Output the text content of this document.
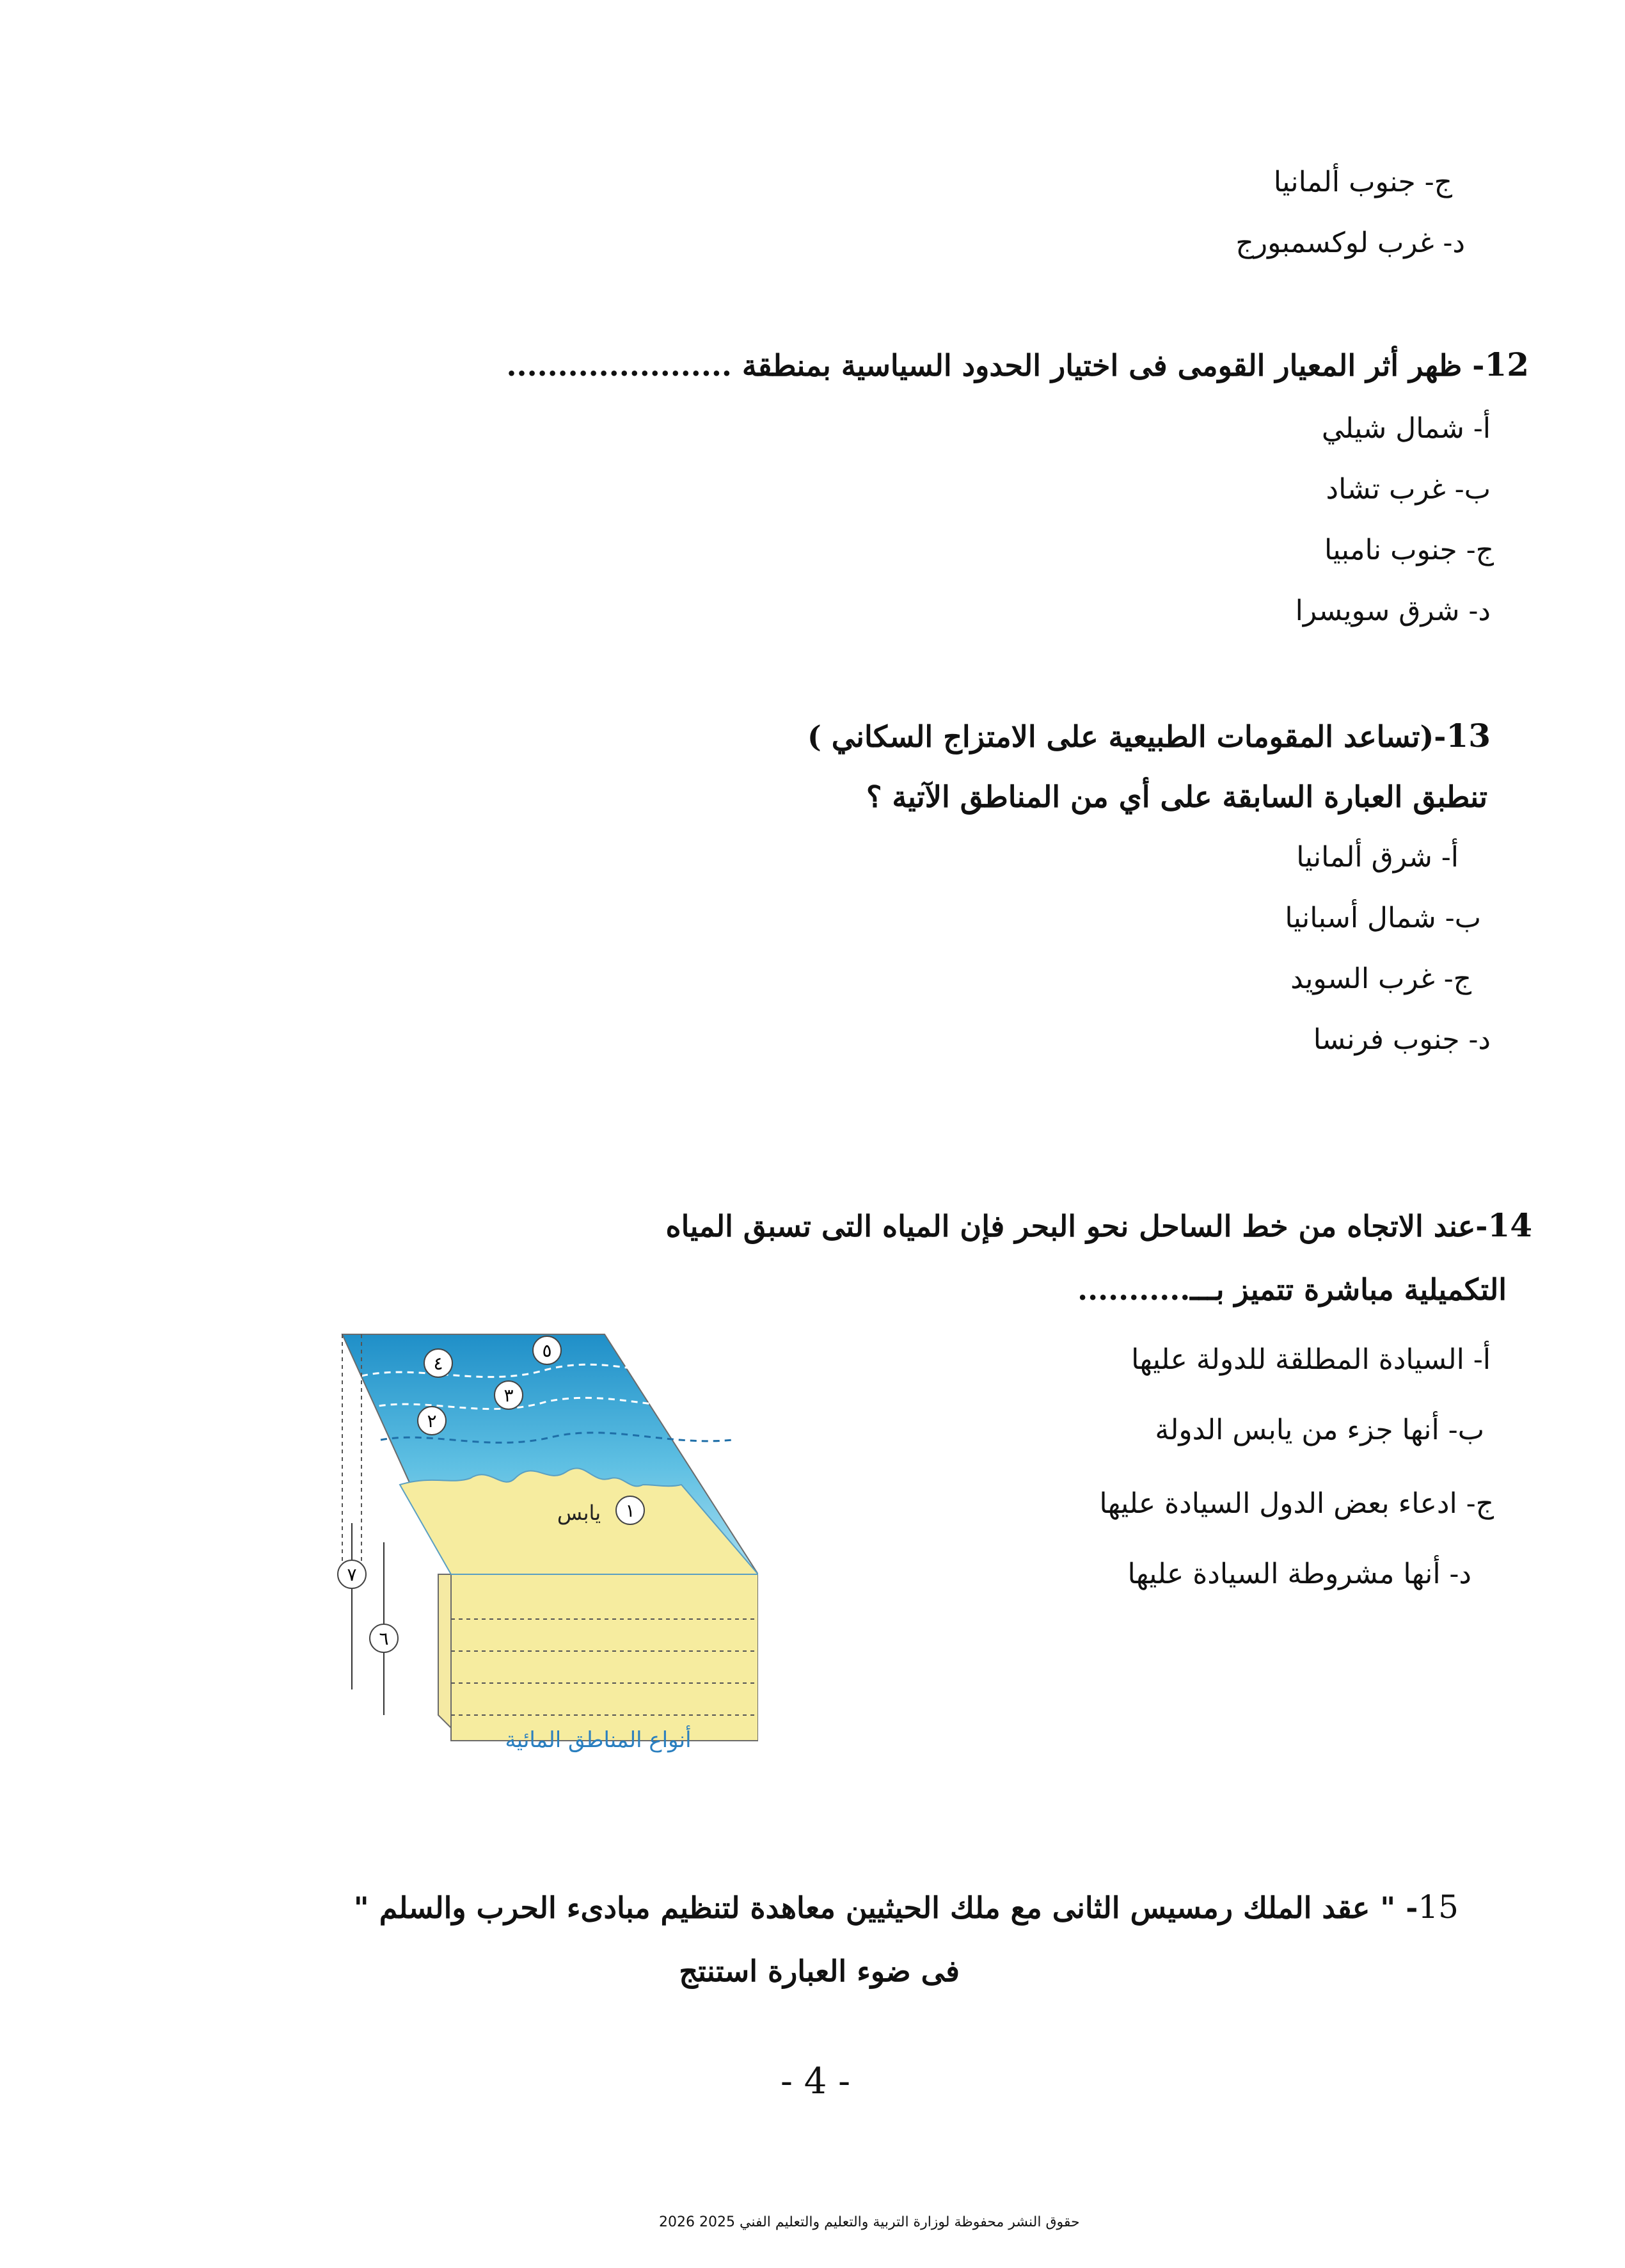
ج- جنوب ألمانيا
د- غرب لوكسمبورج
12- ظهر أثر المعيار القومى فى اختيار الحدود السياسية بمنطقة ......................
أ- شمال شيلي
ب- غرب تشاد
ج- جنوب نامبيا
د- شرق سويسرا
13-(تساعد المقومات الطبيعية على الامتزاج السكاني )
تنطبق العبارة السابقة على أي من المناطق الآتية ؟
أ- شرق ألمانيا
ب- شمال أسبانيا
ج- غرب السويد
د- جنوب فرنسا
14-عند الاتجاه من خط الساحل نحو البحر فإن المياه التى تسبق المياه
التكميلية مباشرة تتميز بـــ...........
أ- السيادة المطلقة للدولة عليها
ب- أنها جزء من يابس الدولة
ج- ادعاء بعض الدول السيادة عليها
د- أنها مشروطة السيادة عليها
٥
٤
٣
٢
١
٧
٦
يابس
أنواع المناطق المائية
15- " عقد الملك رمسيس الثانى مع ملك الحيثيين معاهدة لتنظيم مبادىء الحرب والسلم "
فى ضوء العبارة استنتج
- 4 -
حقوق النشر محفوظة لوزارة التربية والتعليم والتعليم الفني 2025 2026
